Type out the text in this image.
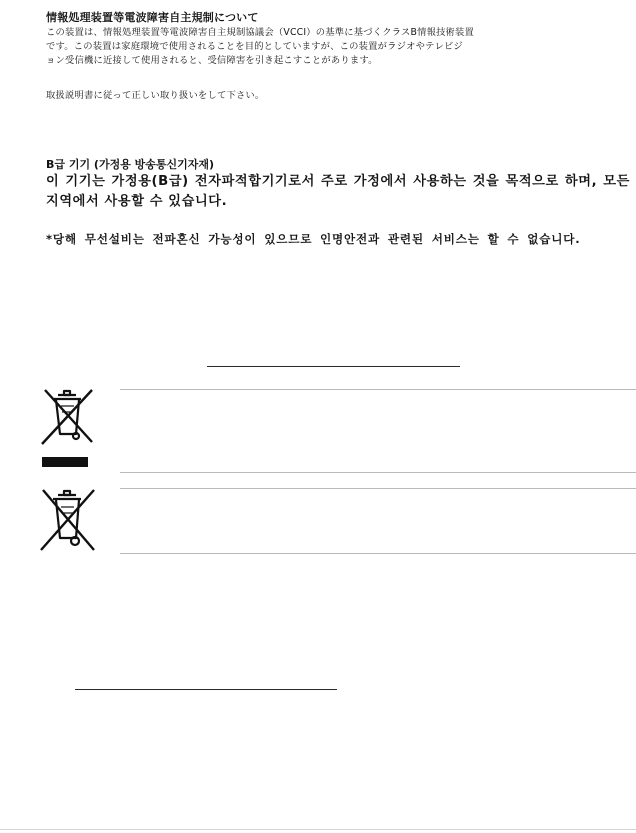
情報処理装置等電波障害自主規制について
この装置は、情報処理装置等電波障害自主規制協議会（VCCI）の基準に基づくクラスB情報技術装置
です。この装置は家庭環境で使用されることを目的としていますが、この装置がラジオやテレビジ
ョン受信機に近接して使用されると、受信障害を引き起こすことがあります。
取扱説明書に従って正しい取り扱いをして下さい。
B급 기기 (가정용 방송통신기자재)
이 기기는 가정용(B급) 전자파적합기기로서 주로 가정에서 사용하는 것을 목적으로 하며, 모든 지역에서 사용할 수 있습니다.
*당해 무선설비는 전파혼신 가능성이 있으므로 인명안전과 관련된 서비스는 할 수 없습니다.
